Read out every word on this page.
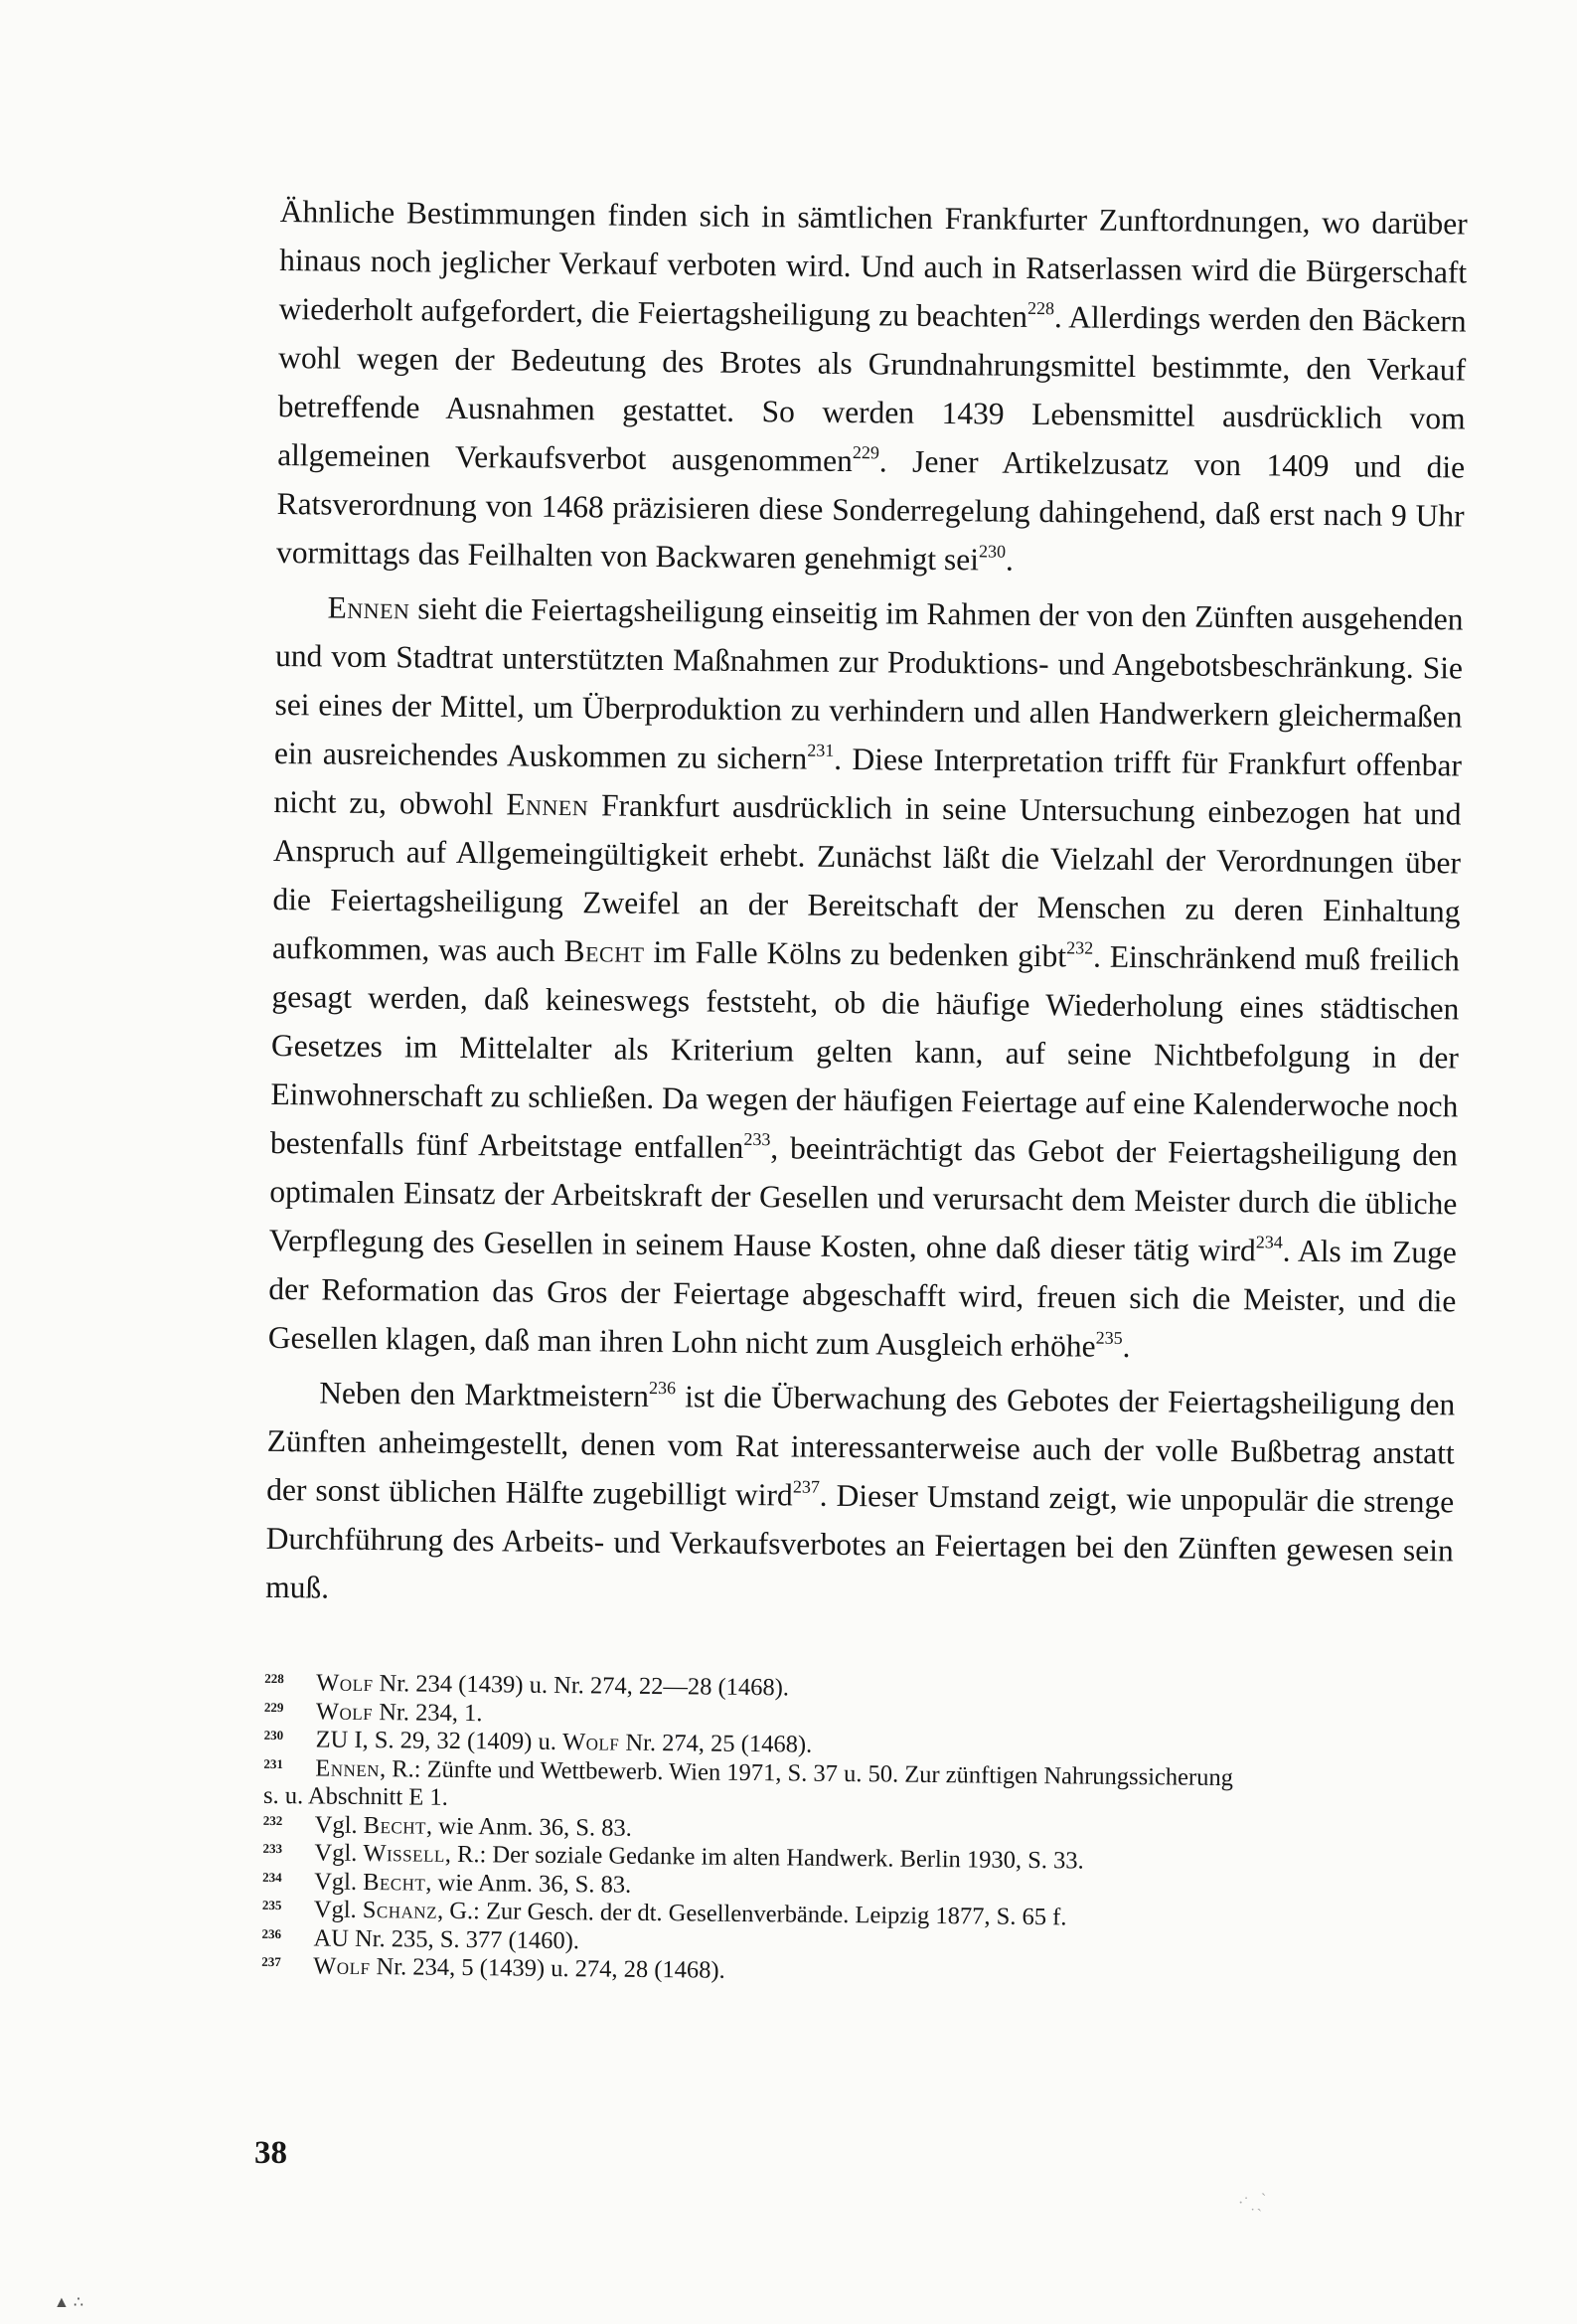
Ähnliche Bestimmungen finden sich in sämtlichen Frankfurter Zunftordnungen, wo darüber hinaus noch jeglicher Verkauf verboten wird. Und auch in Ratserlassen wird die Bürgerschaft wiederholt aufgefordert, die Feiertagsheiligung zu beachten$^{228}$. Allerdings werden den Bäckern wohl wegen der Bedeutung des Brotes als Grundnahrungsmittel bestimmte, den Verkauf betreffende Ausnahmen gestattet. So werden 1439 Lebensmittel ausdrücklich vom allgemeinen Verkaufsverbot ausgenommen$^{229}$. Jener Artikelzusatz von 1409 und die Ratsverordnung von 1468 präzisieren diese Sonderregelung dahingehend, daß erst nach 9 Uhr vormittags das Feilhalten von Backwaren genehmigt sei$^{230}$.

Ennen sieht die Feiertagsheiligung einseitig im Rahmen der von den Zünften ausgehenden und vom Stadtrat unterstützten Maßnahmen zur Produktions- und Angebotsbeschränkung. Sie sei eines der Mittel, um Überproduktion zu verhindern und allen Handwerkern gleichermaßen ein ausreichendes Auskommen zu sichern$^{231}$. Diese Interpretation trifft für Frankfurt offenbar nicht zu, obwohl Ennen Frankfurt ausdrücklich in seine Untersuchung einbezogen hat und Anspruch auf Allgemeingültigkeit erhebt. Zunächst läßt die Vielzahl der Verordnungen über die Feiertagsheiligung Zweifel an der Bereitschaft der Menschen zu deren Einhaltung aufkommen, was auch Becht im Falle Kölns zu bedenken gibt$^{232}$. Einschränkend muß freilich gesagt werden, daß keineswegs feststeht, ob die häufige Wiederholung eines städtischen Gesetzes im Mittelalter als Kriterium gelten kann, auf seine Nichtbefolgung in der Einwohnerschaft zu schließen. Da wegen der häufigen Feiertage auf eine Kalenderwoche noch bestenfalls fünf Arbeitstage entfallen$^{233}$, beeinträchtigt das Gebot der Feiertagsheiligung den optimalen Einsatz der Arbeitskraft der Gesellen und verursacht dem Meister durch die übliche Verpflegung des Gesellen in seinem Hause Kosten, ohne daß dieser tätig wird$^{234}$. Als im Zuge der Reformation das Gros der Feiertage abgeschafft wird, freuen sich die Meister, und die Gesellen klagen, daß man ihren Lohn nicht zum Ausgleich erhöhe$^{235}$.

Neben den Marktmeistern$^{236}$ ist die Überwachung des Gebotes der Feiertagsheiligung den Zünften anheimgestellt, denen vom Rat interessanterweise auch der volle Bußbetrag anstatt der sonst üblichen Hälfte zugebilligt wird$^{237}$. Dieser Umstand zeigt, wie unpopulär die strenge Durchführung des Arbeits- und Verkaufsverbotes an Feiertagen bei den Zünften gewesen sein muß.

228 Wolf Nr. 234 (1439) u. Nr. 274, 22—28 (1468).
229 Wolf Nr. 234, 1.
230 ZU I, S. 29, 32 (1409) u. Wolf Nr. 274, 25 (1468).
231 Ennen, R.: Zünfte und Wettbewerb. Wien 1971, S. 37 u. 50. Zur zünftigen Nahrungssicherung
s. u. Abschnitt E 1.
232 Vgl. Becht, wie Anm. 36, S. 83.
233 Vgl. Wissell, R.: Der soziale Gedanke im alten Handwerk. Berlin 1930, S. 33.
234 Vgl. Becht, wie Anm. 36, S. 83.
235 Vgl. Schanz, G.: Zur Gesch. der dt. Gesellenverbände. Leipzig 1877, S. 65 f.
236 AU Nr. 235, S. 377 (1460).
237 Wolf Nr. 234, 5 (1439) u. 274, 28 (1468).
38
·˙ ̣ ˏ ̀
▲ ∴
